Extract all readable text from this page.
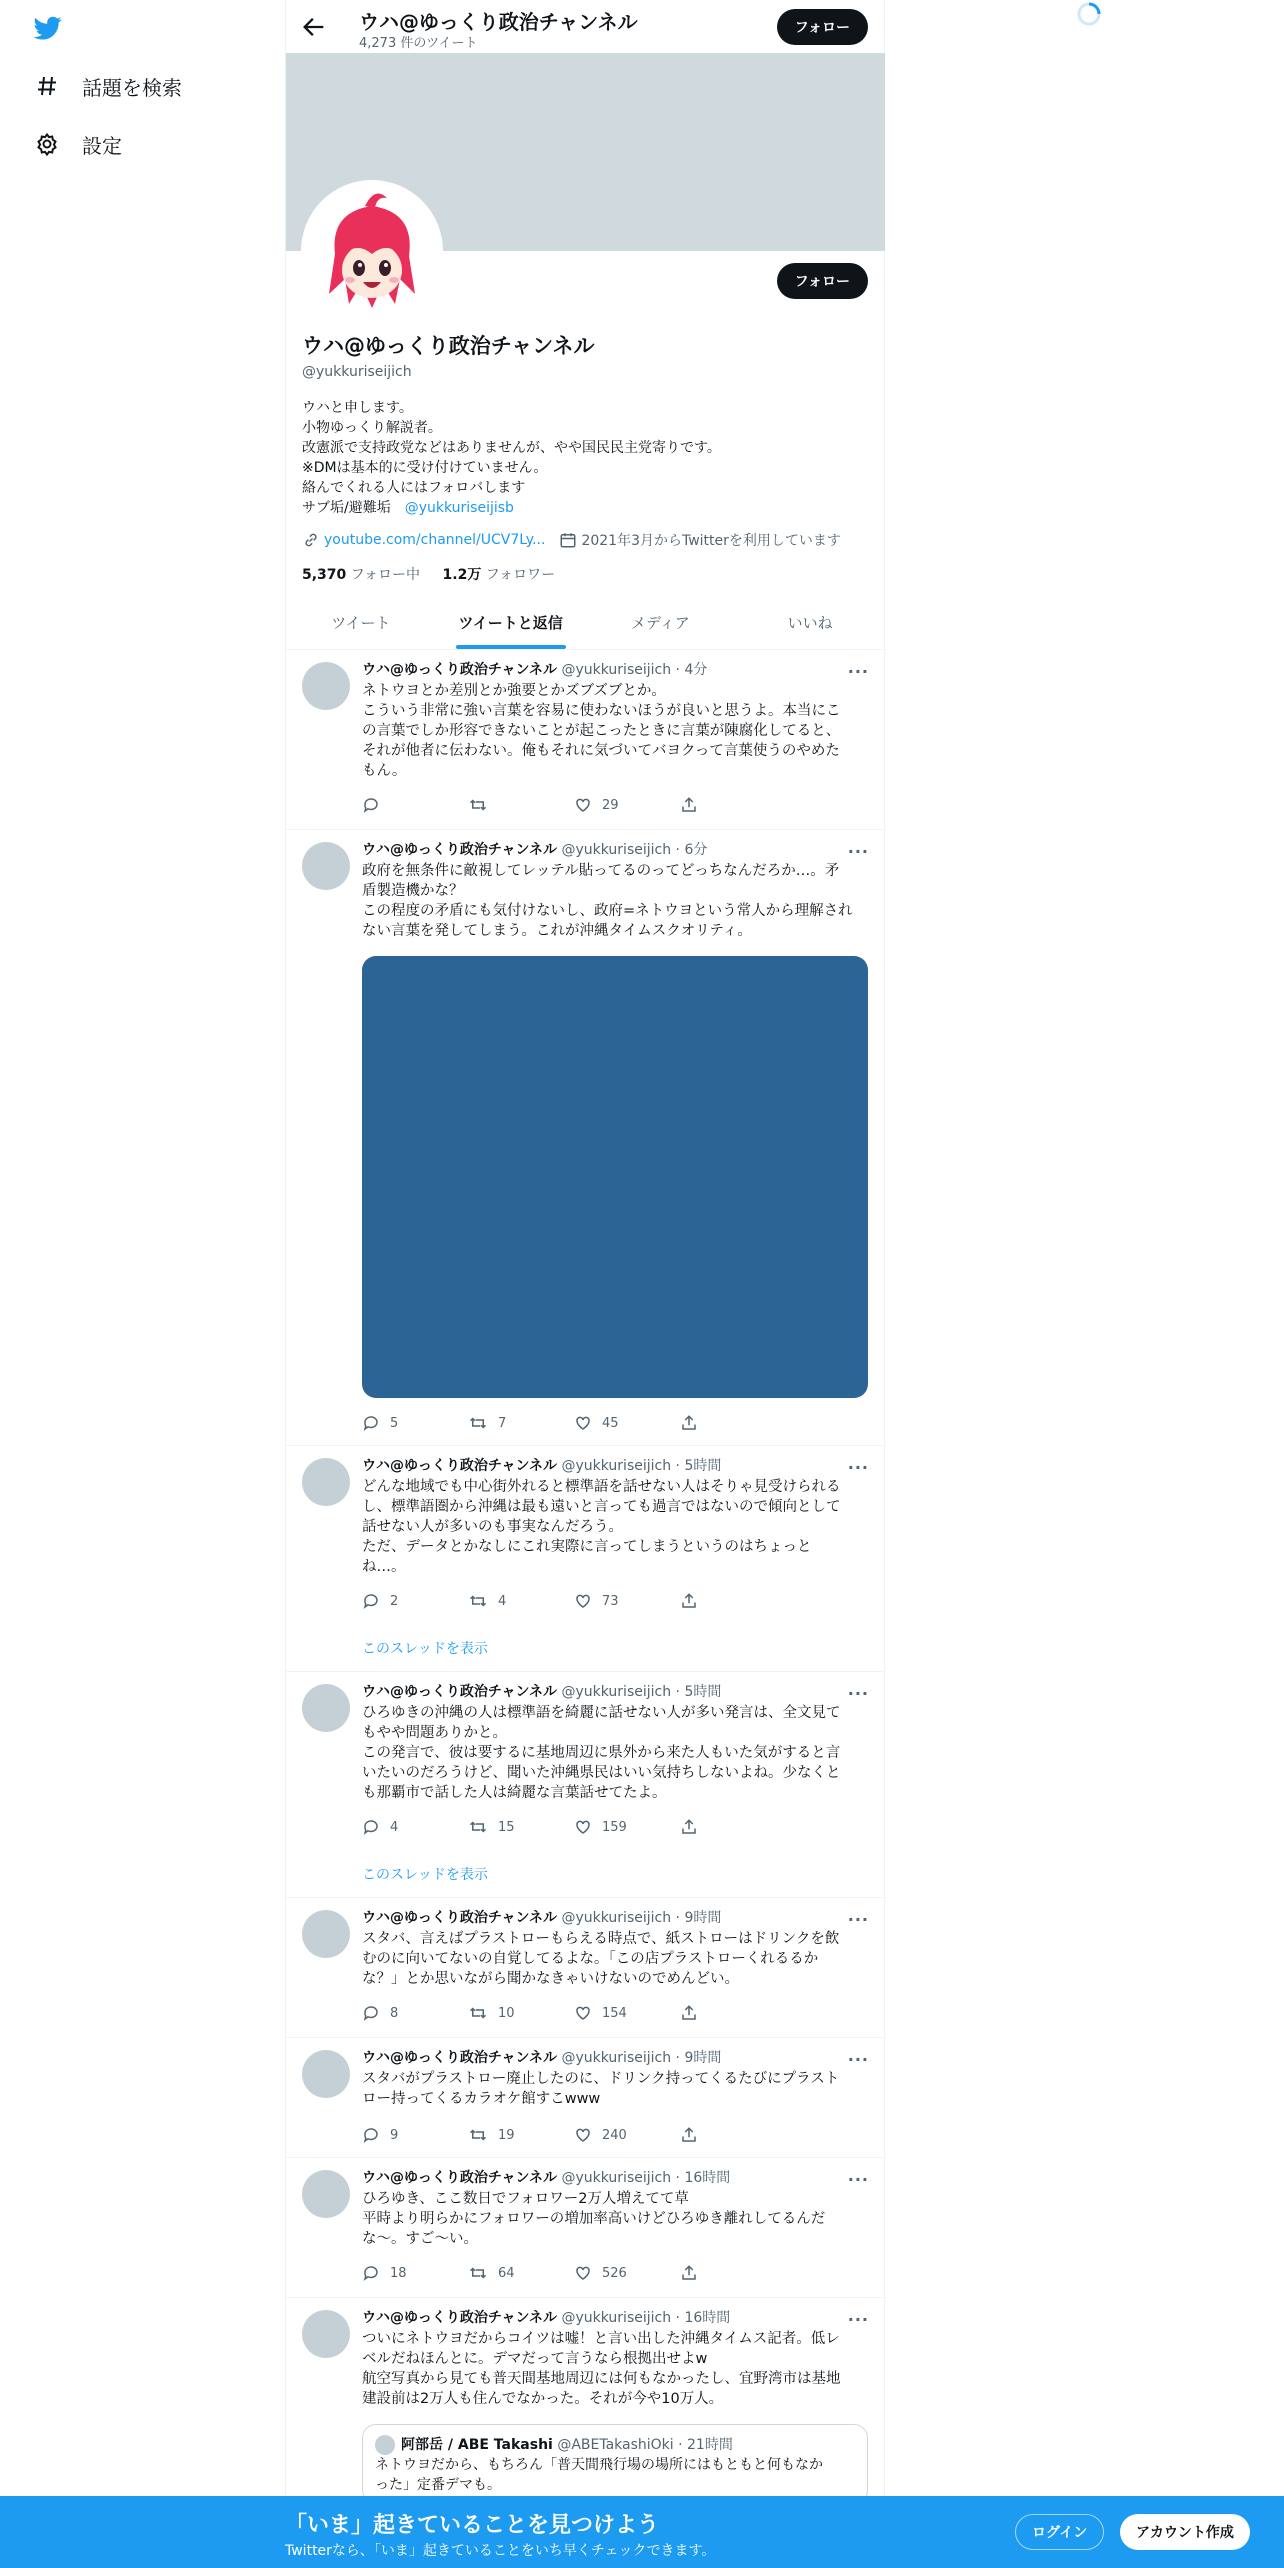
話題を検索
設定
ウハ@ゆっくり政治チャンネル
4,273 件のツイート
フォロー
フォロー
ウハ@ゆっくり政治チャンネル
@yukkuriseijich
ウハと申します。
小物ゆっくり解説者。
改憲派で支持政党などはありませんが、やや国民民主党寄りです。
※DMは基本的に受け付けていません。
絡んでくれる人にはフォロバします
サブ垢/避難垢　@yukkuriseijisb
youtube.com/channel/UCV7Ly...	2021年3月からTwitterを利用しています
5,370 フォロー中 1.2万 フォロワー
ツイート	ツイートと返信	メディア	いいね
···
ウハ@ゆっくり政治チャンネル @yukkuriseijich · 4分
ネトウヨとか差別とか強要とかズブズブとか。
こういう非常に強い言葉を容易に使わないほうが良いと思うよ。本当にこ
の言葉でしか形容できないことが起こったときに言葉が陳腐化してると、
それが他者に伝わない。俺もそれに気づいてバヨクって言葉使うのやめた
もん。
29
···
ウハ@ゆっくり政治チャンネル @yukkuriseijich · 6分
政府を無条件に敵視してレッテル貼ってるのってどっちなんだろか…。矛
盾製造機かな？
この程度の矛盾にも気付けないし、政府=ネトウヨという常人から理解され
ない言葉を発してしまう。これが沖縄タイムスクオリティ。
5	7	45
···
ウハ@ゆっくり政治チャンネル @yukkuriseijich · 5時間
どんな地域でも中心街外れると標準語を話せない人はそりゃ見受けられる
し、標準語圏から沖縄は最も遠いと言っても過言ではないので傾向として
話せない人が多いのも事実なんだろう。
ただ、データとかなしにこれ実際に言ってしまうというのはちょっと
ね…。
2	4	73
このスレッドを表示
···
ウハ@ゆっくり政治チャンネル @yukkuriseijich · 5時間
ひろゆきの沖縄の人は標準語を綺麗に話せない人が多い発言は、全文見て
もやや問題ありかと。
この発言で、彼は要するに基地周辺に県外から来た人もいた気がすると言
いたいのだろうけど、聞いた沖縄県民はいい気持ちしないよね。少なくと
も那覇市で話した人は綺麗な言葉話せてたよ。
4	15	159
このスレッドを表示
···
ウハ@ゆっくり政治チャンネル @yukkuriseijich · 9時間
スタバ、言えばプラストローもらえる時点で、紙ストローはドリンクを飲
むのに向いてないの自覚してるよな。「この店プラストローくれるるか
な？」とか思いながら聞かなきゃいけないのでめんどい。
8	10	154
···
ウハ@ゆっくり政治チャンネル @yukkuriseijich · 9時間
スタバがプラストロー廃止したのに、ドリンク持ってくるたびにプラスト
ロー持ってくるカラオケ館すこwww
9	19	240
···
ウハ@ゆっくり政治チャンネル @yukkuriseijich · 16時間
ひろゆき、ここ数日でフォロワー2万人増えてて草
平時より明らかにフォロワーの増加率高いけどひろゆき離れしてるんだ
な〜。すご〜い。
18	64	526
···
ウハ@ゆっくり政治チャンネル @yukkuriseijich · 16時間
ついにネトウヨだからコイツは嘘！と言い出した沖縄タイムス記者。低レ
ベルだねほんとに。デマだって言うなら根拠出せよw
航空写真から見ても普天間基地周辺には何もなかったし、宜野湾市は基地
建設前は2万人も住んでなかった。それが今や10万人。
阿部岳 / ABE Takashi
@ABETakashiOki
· 21時間
ネトウヨだから、もちろん「普天間飛行場の場所にはもともと何もなか
った」定番デマも。
「いま」起きていることを見つけよう
Twitterなら、「いま」起きていることをいち早くチェックできます。
ログイン	アカウント作成
